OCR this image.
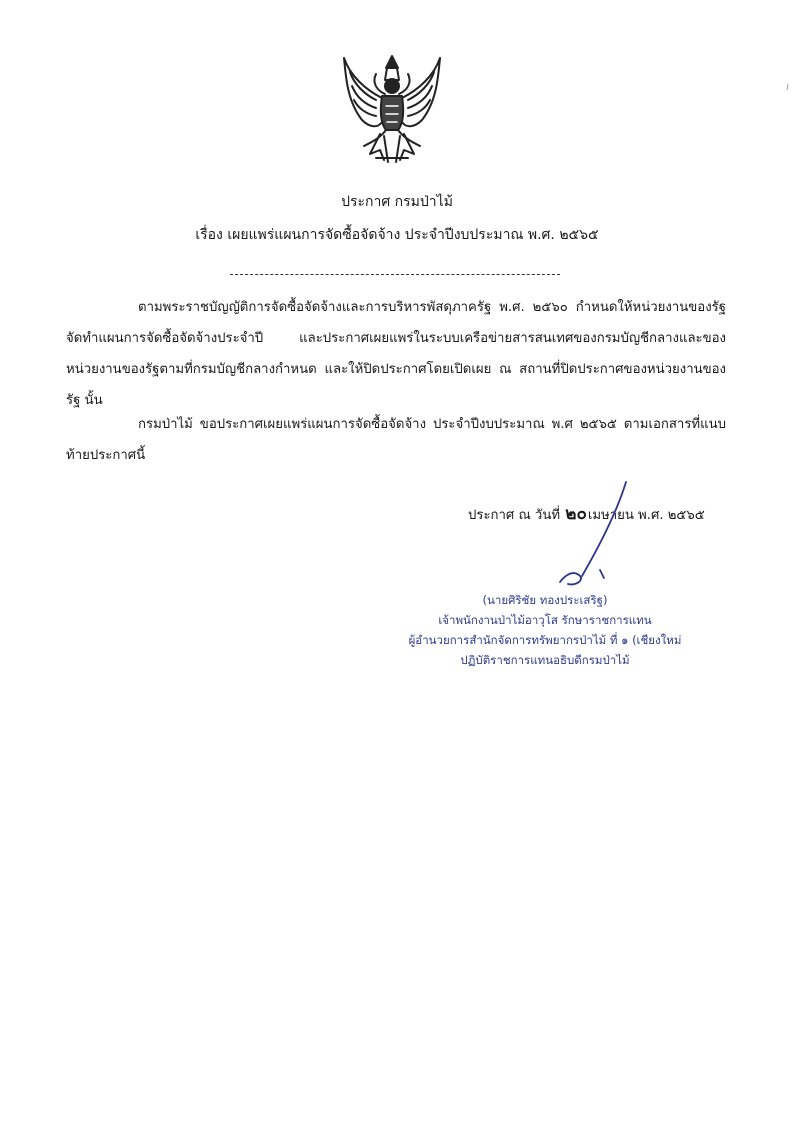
ประกาศ กรมป่าไม้
เรื่อง เผยแพร่แผนการจัดซื้อจัดจ้าง ประจำปีงบประมาณ พ.ศ. ๒๕๖๕
ตามพระราชบัญญัติการจัดซื้อจัดจ้างและการบริหารพัสดุภาครัฐ พ.ศ. ๒๕๖๐ กำหนดให้หน่วยงานของรัฐจัดทำแผนการจัดซื้อจัดจ้างประจำปี และประกาศเผยแพร่ในระบบเครือข่ายสารสนเทศของกรมบัญชีกลางและของหน่วยงานของรัฐตามที่กรมบัญชีกลางกำหนด และให้ปิดประกาศโดยเปิดเผย ณ สถานที่ปิดประกาศของหน่วยงานของรัฐ นั้น
กรมป่าไม้ ขอประกาศเผยแพร่แผนการจัดซื้อจัดจ้าง ประจำปีงบประมาณ พ.ศ ๒๕๖๕ ตามเอกสารที่แนบท้ายประกาศนี้
ประกาศ ณ วันที่ ๒๐เมษายน พ.ศ. ๒๕๖๕
(นายศิริชัย ทองประเสริฐ)
เจ้าพนักงานป่าไม้อาวุโส รักษาราชการแทน
ผู้อำนวยการสำนักจัดการทรัพยากรป่าไม้ ที่ ๑ (เชียงใหม่
ปฏิบัติราชการแทนอธิบดีกรมป่าไม้
